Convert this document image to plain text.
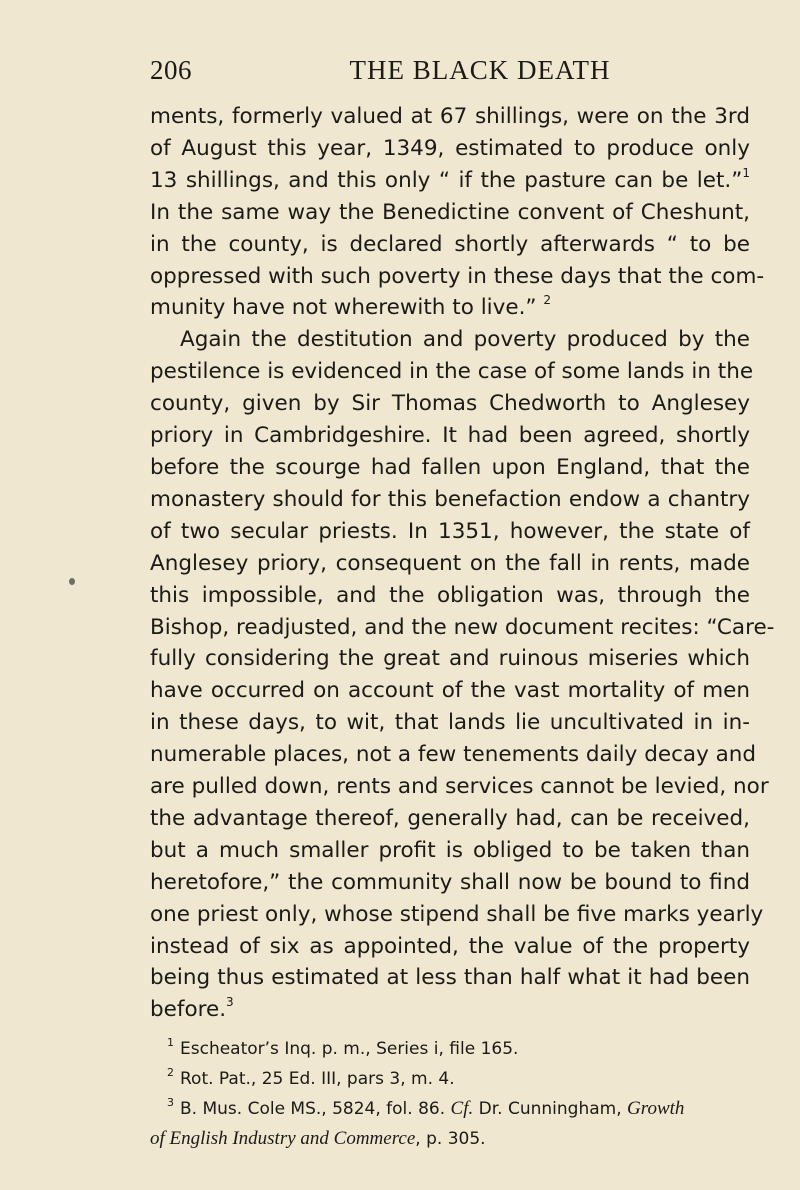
206	THE BLACK DEATH
ments, formerly valued at 67 shillings, were on the 3rd
of August this year, 1349, estimated to produce only
13 shillings, and this only “ if the pasture can be let.”$^1$
In the same way the Benedictine convent of Cheshunt,
in the county, is declared shortly afterwards “ to be
oppressed with such poverty in these days that the com-
munity have not wherewith to live.” $^2$
Again the destitution and poverty produced by the
pestilence is evidenced in the case of some lands in the
county, given by Sir Thomas Chedworth to Anglesey
priory in Cambridgeshire. It had been agreed, shortly
before the scourge had fallen upon England, that the
monastery should for this benefaction endow a chantry
of two secular priests. In 1351, however, the state of
Anglesey priory, consequent on the fall in rents, made
this impossible, and the obligation was, through the
Bishop, readjusted, and the new document recites: “Care-
fully considering the great and ruinous miseries which
have occurred on account of the vast mortality of men
in these days, to wit, that lands lie uncultivated in in-
numerable places, not a few tenements daily decay and
are pulled down, rents and services cannot be levied, nor
the advantage thereof, generally had, can be received,
but a much smaller profit is obliged to be taken than
heretofore,” the community shall now be bound to find
one priest only, whose stipend shall be five marks yearly
instead of six as appointed, the value of the property
being thus estimated at less than half what it had been
before.$^3$
1 Escheator’s Inq. p. m., Series i, file 165.
2 Rot. Pat., 25 Ed. III, pars 3, m. 4.
3 B. Mus. Cole MS., 5824, fol. 86. Cf. Dr. Cunningham, Growth
of English Industry and Commerce, p. 305.
